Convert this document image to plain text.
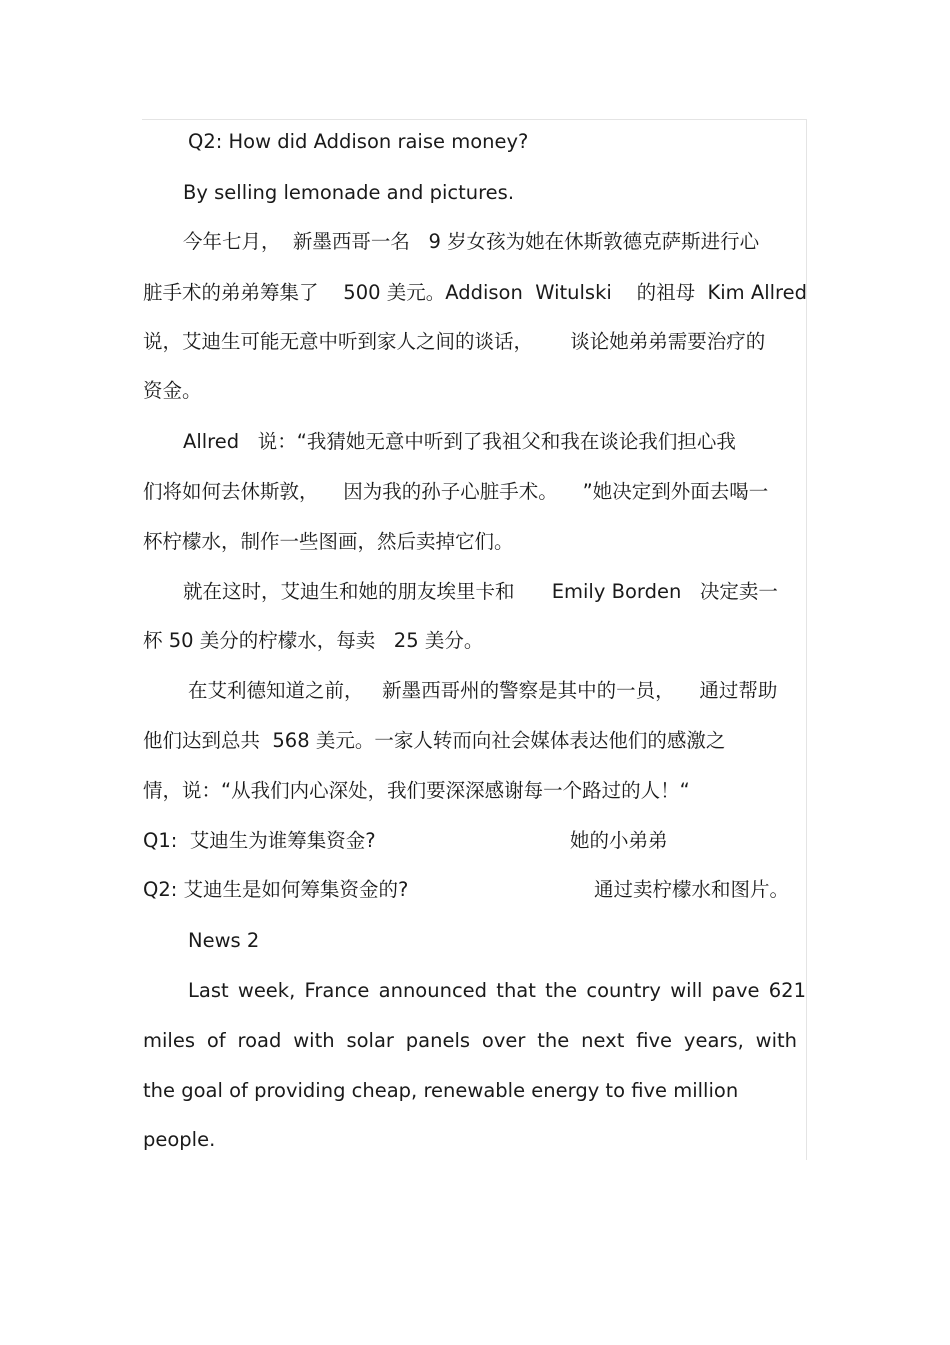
Q2: How did Addison raise money?

By selling lemonade and pictures.

今年七月，  新墨西哥一名   9 岁女孩为她在休斯敦德克萨斯进行心

脏手术的弟弟筹集了    500 美元。Addison  Witulski    的祖母  Kim Allred

说，艾迪生可能无意中听到家人之间的谈话，      谈论她弟弟需要治疗的

资金。

Allred   说：“我猜她无意中听到了我祖父和我在谈论我们担心我

们将如何去休斯敦，    因为我的孙子心脏手术。    ”她决定到外面去喝一

杯柠檬水，制作一些图画，然后卖掉它们。

就在这时，艾迪生和她的朋友埃里卡和      Emily Borden   决定卖一

杯 50 美分的柠檬水，每卖   25 美分。

在艾利德知道之前，   新墨西哥州的警察是其中的一员，    通过帮助

他们达到总共  568 美元。一家人转而向社会媒体表达他们的感激之

情，说：“从我们内心深处，我们要深深感谢每一个路过的人！“

Q1:  艾迪生为谁筹集资金?	她的小弟弟

Q2: 艾迪生是如何筹集资金的?	通过卖柠檬水和图片。

News 2

Last week, France announced that the country will pave 621

miles of road with solar panels over the next five years, with

the goal of providing cheap, renewable energy to five million

people.
